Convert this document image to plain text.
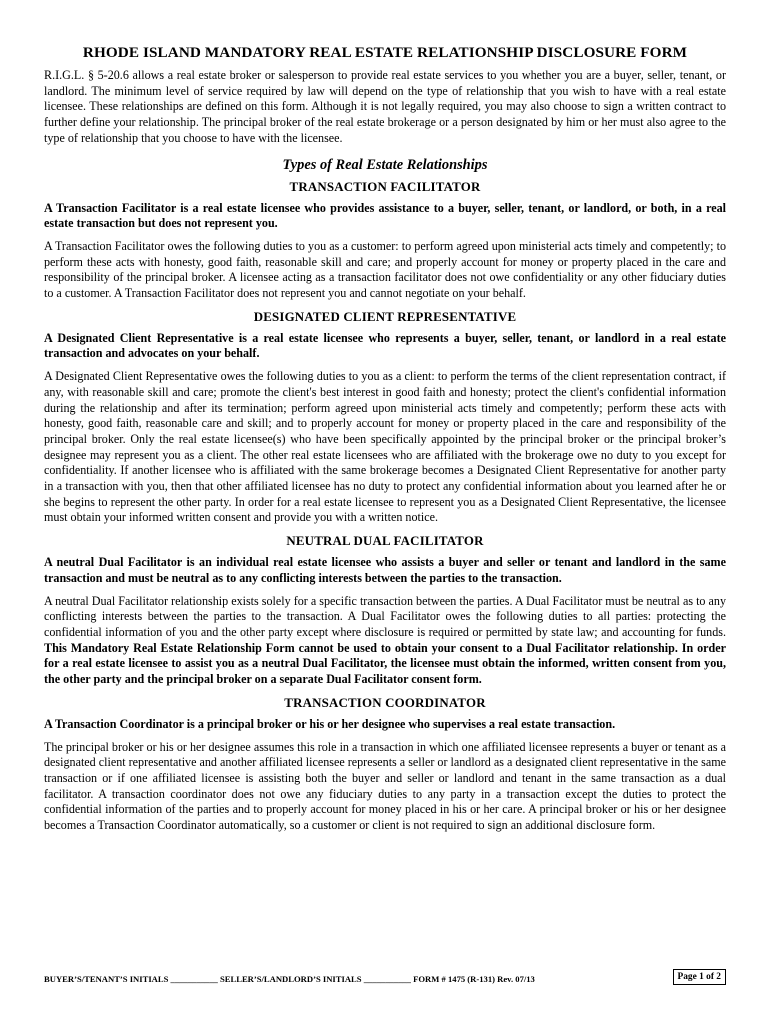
RHODE ISLAND MANDATORY REAL ESTATE RELATIONSHIP DISCLOSURE FORM

R.I.G.L. § 5-20.6 allows a real estate broker or salesperson to provide real estate services to you whether you are a buyer, seller, tenant, or landlord. The minimum level of service required by law will depend on the type of relationship that you wish to have with a real estate licensee. These relationships are defined on this form. Although it is not legally required, you may also choose to sign a written contract to further define your relationship. The principal broker of the real estate brokerage or a person designated by him or her must also agree to the type of relationship that you choose to have with the licensee.

Types of Real Estate Relationships
TRANSACTION FACILITATOR

A Transaction Facilitator is a real estate licensee who provides assistance to a buyer, seller, tenant, or landlord, or both, in a real estate transaction but does not represent you.

A Transaction Facilitator owes the following duties to you as a customer: to perform agreed upon ministerial acts timely and competently; to perform these acts with honesty, good faith, reasonable skill and care; and properly account for money or property placed in the care and responsibility of the principal broker. A licensee acting as a transaction facilitator does not owe confidentiality or any other fiduciary duties to a customer. A Transaction Facilitator does not represent you and cannot negotiate on your behalf.

DESIGNATED CLIENT REPRESENTATIVE

A Designated Client Representative is a real estate licensee who represents a buyer, seller, tenant, or landlord in a real estate transaction and advocates on your behalf.

A Designated Client Representative owes the following duties to you as a client: to perform the terms of the client representation contract, if any, with reasonable skill and care; promote the client's best interest in good faith and honesty; protect the client's confidential information during the relationship and after its termination; perform agreed upon ministerial acts timely and competently; perform these acts with honesty, good faith, reasonable care and skill; and to properly account for money or property placed in the care and responsibility of the principal broker. Only the real estate licensee(s) who have been specifically appointed by the principal broker or the principal broker’s designee may represent you as a client. The other real estate licensees who are affiliated with the brokerage owe no duty to you except for confidentiality. If another licensee who is affiliated with the same brokerage becomes a Designated Client Representative for another party in a transaction with you, then that other affiliated licensee has no duty to protect any confidential information about you learned after he or she begins to represent the other party. In order for a real estate licensee to represent you as a Designated Client Representative, the licensee must obtain your informed written consent and provide you with a written notice.

NEUTRAL DUAL FACILITATOR

A neutral Dual Facilitator is an individual real estate licensee who assists a buyer and seller or tenant and landlord in the same transaction and must be neutral as to any conflicting interests between the parties to the transaction.

A neutral Dual Facilitator relationship exists solely for a specific transaction between the parties. A Dual Facilitator must be neutral as to any conflicting interests between the parties to the transaction. A Dual Facilitator owes the following duties to all parties: protecting the confidential information of you and the other party except where disclosure is required or permitted by state law; and accounting for funds. This Mandatory Real Estate Relationship Form cannot be used to obtain your consent to a Dual Facilitator relationship. In order for a real estate licensee to assist you as a neutral Dual Facilitator, the licensee must obtain the informed, written consent from you, the other party and the principal broker on a separate Dual Facilitator consent form.

TRANSACTION COORDINATOR

A Transaction Coordinator is a principal broker or his or her designee who supervises a real estate transaction.

The principal broker or his or her designee assumes this role in a transaction in which one affiliated licensee represents a buyer or tenant as a designated client representative and another affiliated licensee represents a seller or landlord as a designated client representative in the same transaction or if one affiliated licensee is assisting both the buyer and seller or landlord and tenant in the same transaction as a dual facilitator. A transaction coordinator does not owe any fiduciary duties to any party in a transaction except the duties to protect the confidential information of the parties and to properly account for money placed in his or her care. A principal broker or his or her designee becomes a Transaction Coordinator automatically, so a customer or client is not required to sign an additional disclosure form.

BUYER’S/TENANT’S INITIALS ___________ SELLER’S/LANDLORD’S INITIALS ___________ FORM # 1475 (R-131) Rev. 07/13	Page 1 of 2
